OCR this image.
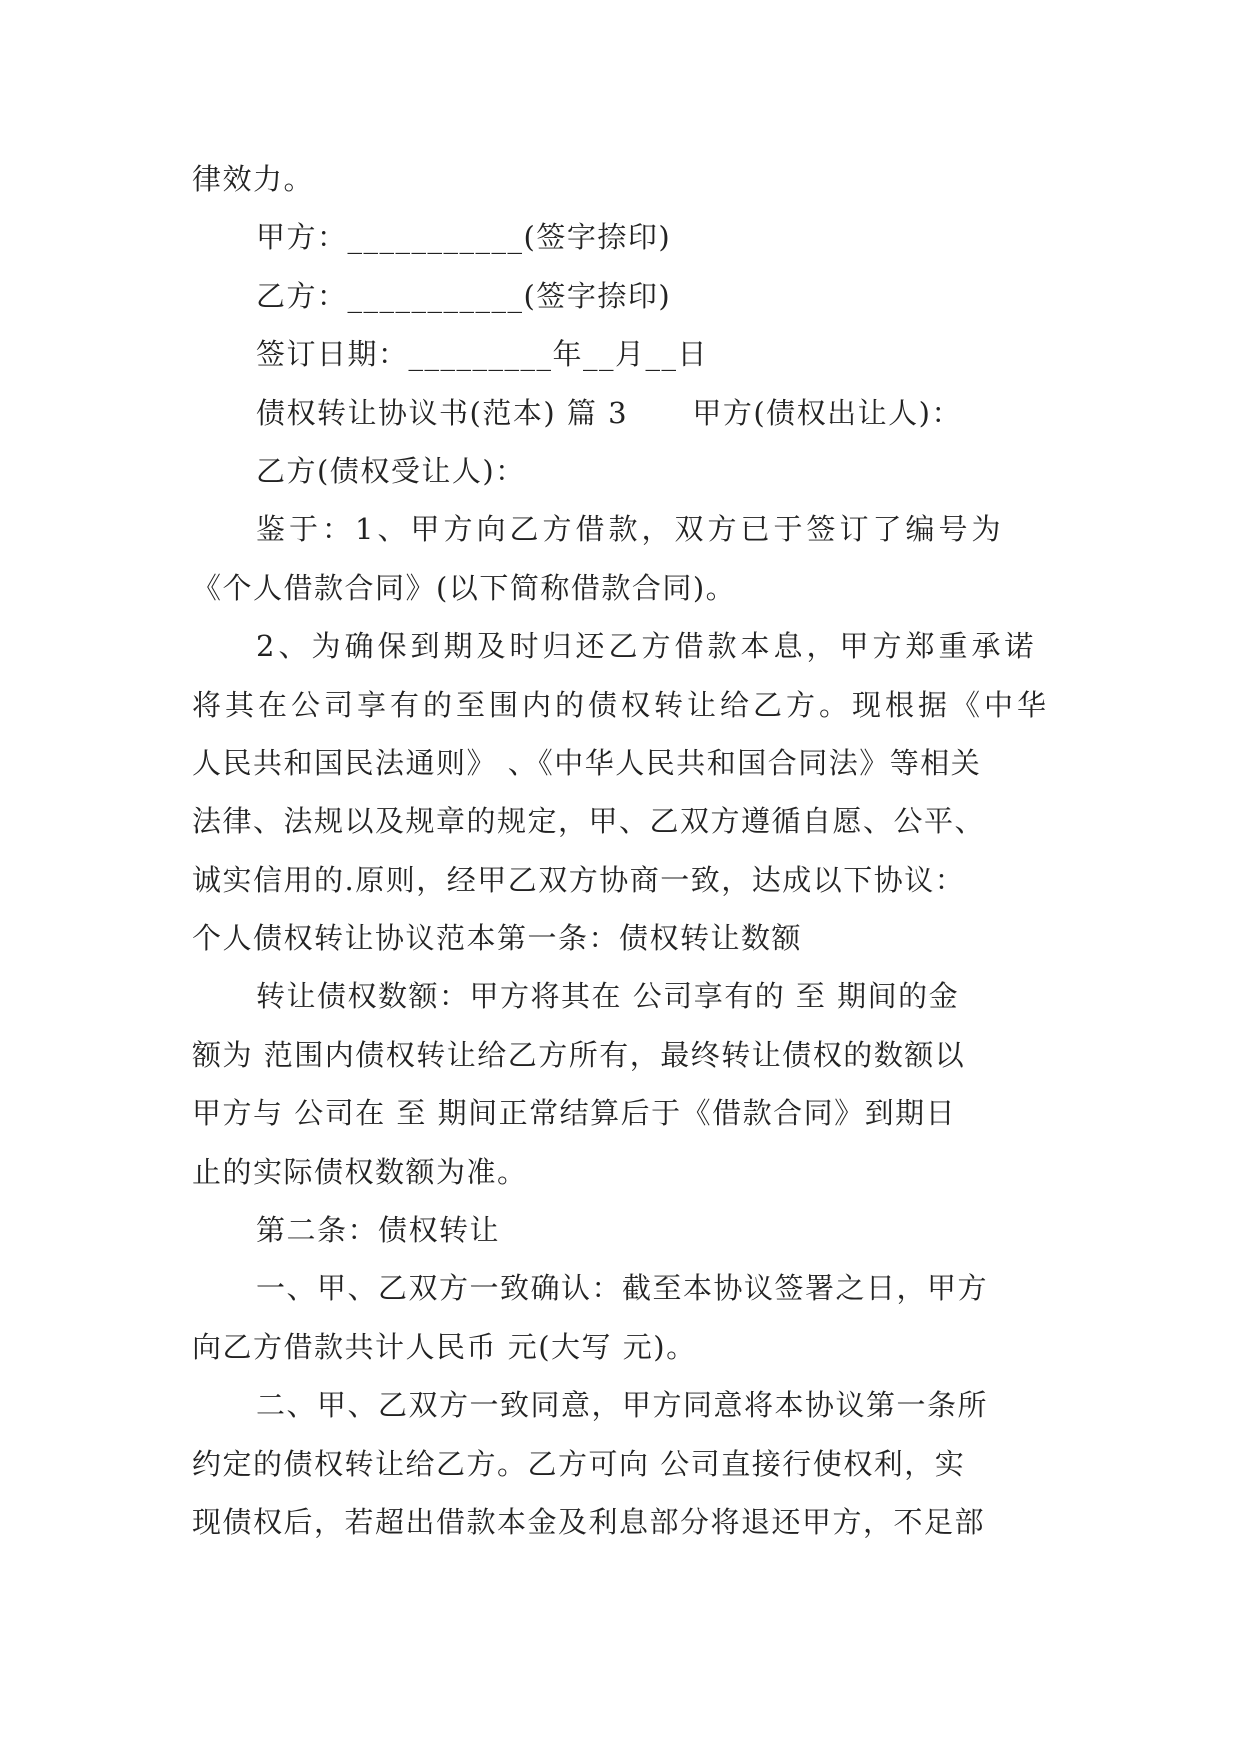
律效力。
甲方：___________(签字捺印)
乙方：___________(签字捺印)
签订日期：_________年__月__日
债权转让协议书(范本) 篇 3      甲方(债权出让人)：
乙方(债权受让人)：
鉴于：1、甲方向乙方借款，双方已于签订了编号为
《个人借款合同》(以下简称借款合同)。
2、为确保到期及时归还乙方借款本息，甲方郑重承诺
将其在公司享有的至围内的债权转让给乙方。现根据《中华
人民共和国民法通则》 、《中华人民共和国合同法》等相关
法律、法规以及规章的规定，甲、乙双方遵循自愿、公平、
诚实信用的.原则，经甲乙双方协商一致，达成以下协议：
个人债权转让协议范本第一条：债权转让数额
转让债权数额：甲方将其在 公司享有的 至 期间的金
额为 范围内债权转让给乙方所有，最终转让债权的数额以
甲方与 公司在 至 期间正常结算后于《借款合同》到期日
止的实际债权数额为准。
第二条：债权转让
一、甲、乙双方一致确认：截至本协议签署之日，甲方
向乙方借款共计人民币 元(大写 元)。
二、甲、乙双方一致同意，甲方同意将本协议第一条所
约定的债权转让给乙方。乙方可向 公司直接行使权利，实
现债权后，若超出借款本金及利息部分将退还甲方，不足部
